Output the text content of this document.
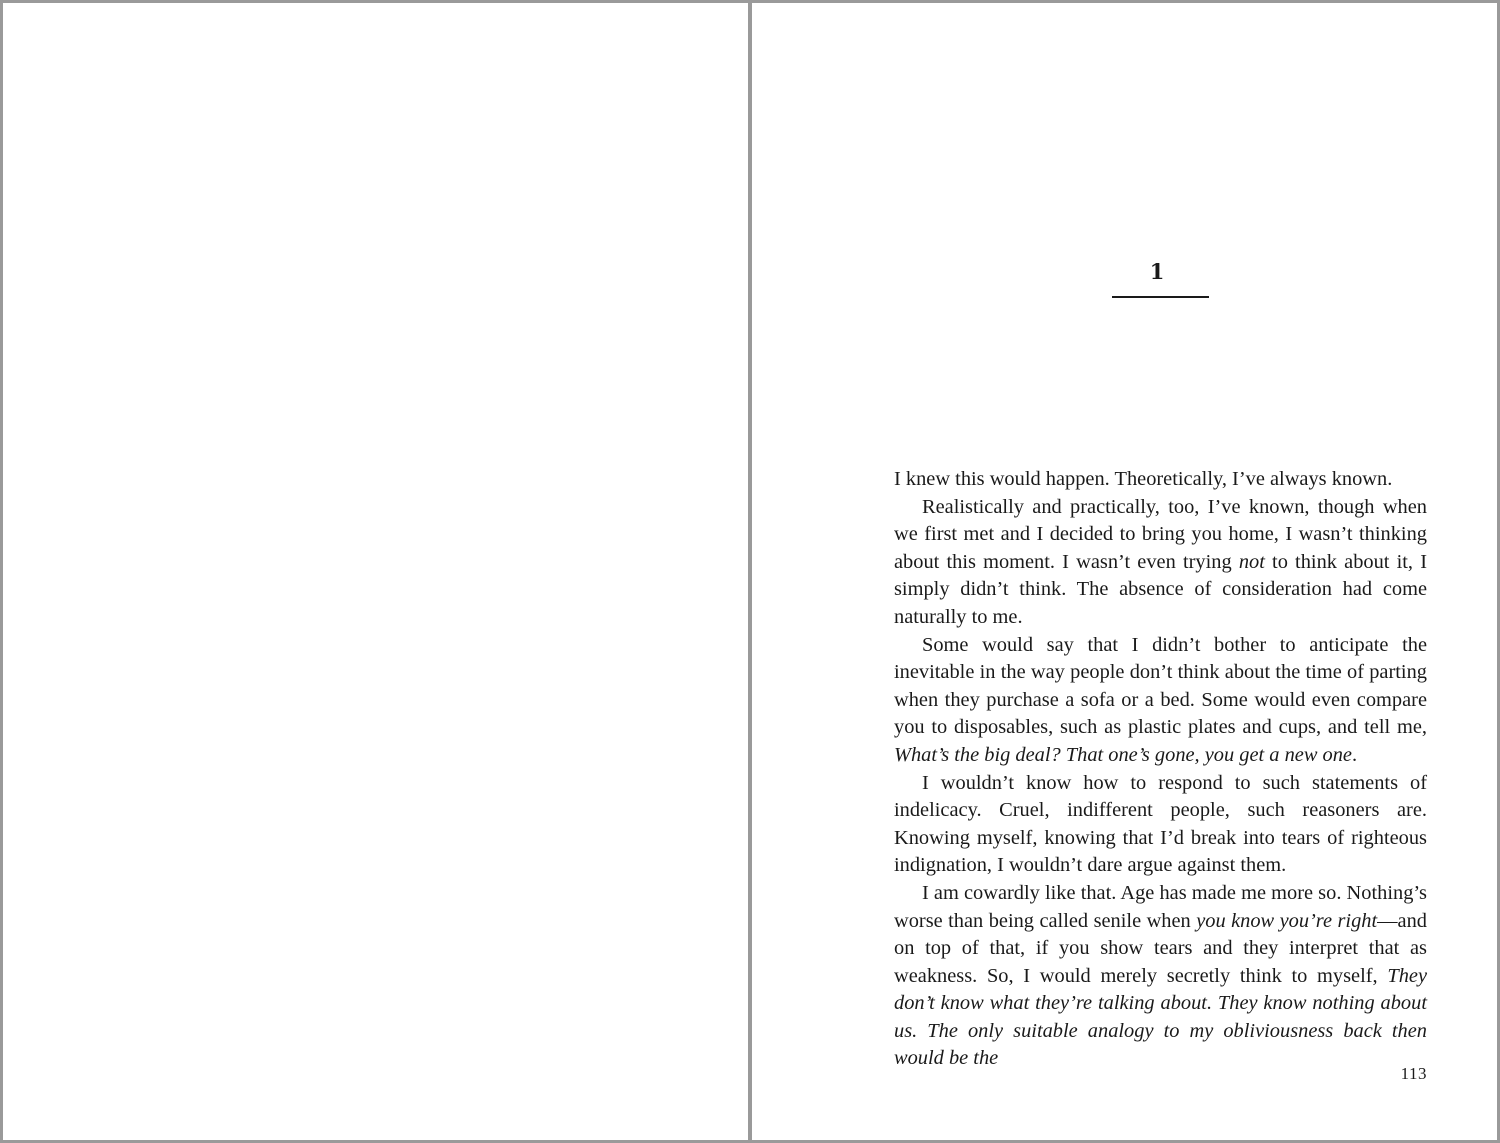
1

I knew this would happen. Theoretically, I’ve always known.

Realistically and practically, too, I’ve known, though when we first met and I decided to bring you home, I wasn’t thinking about this moment. I wasn’t even trying not to think about it, I simply didn’t think. The absence of consideration had come naturally to me.

Some would say that I didn’t bother to anticipate the inevitable in the way people don’t think about the time of parting when they purchase a sofa or a bed. Some would even compare you to disposables, such as plastic plates and cups, and tell me, What’s the big deal? That one’s gone, you get a new one.

I wouldn’t know how to respond to such statements of indelicacy. Cruel, indifferent people, such reasoners are. Knowing myself, knowing that I’d break into tears of righteous indignation, I wouldn’t dare argue against them.

I am cowardly like that. Age has made me more so. Nothing’s worse than being called senile when you know you’re right—and on top of that, if you show tears and they interpret that as weakness. So, I would merely secretly think to myself, They don’t know what they’re talking about. They know nothing about us. The only suitable analogy to my obliviousness back then would be the

113
